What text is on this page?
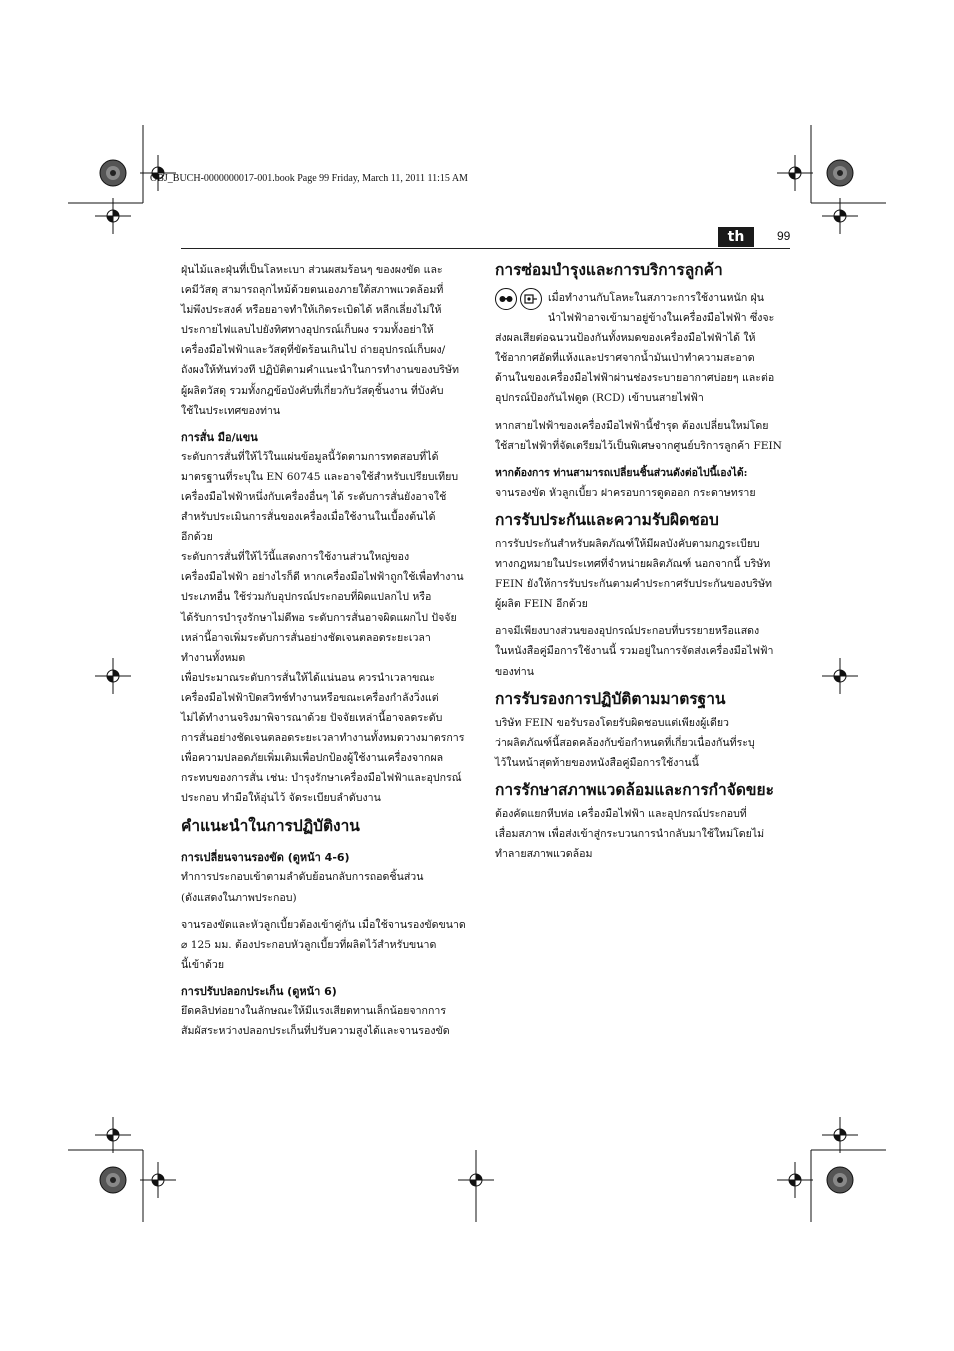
OBJ_BUCH-0000000017-001.book Page 99 Friday, March 11, 2011 11:15 AM
th	99

ฝุ่นไม้และฝุ่นที่เป็นโลหะเบา ส่วนผสมร้อนๆ ของผงขัด และ
เคมีวัสดุ สามารถลุกไหม้ด้วยตนเองภายใต้สภาพแวดล้อมที่
ไม่พึงประสงค์ หรือยอาจทำให้เกิดระเบิดได้ หลีกเลี่ยงไม่ให้
ประกายไฟแลบไปยังทิศทางอุปกรณ์เก็บผง รวมทั้งอย่าให้
เครื่องมือไฟฟ้าและวัสดุที่ขัดร้อนเกินไป ถ่ายอุปกรณ์เก็บผง/
ถังผงให้ทันท่วงที ปฏิบัติตามคำแนะนำในการทำงานของบริษัท
ผู้ผลิตวัสดุ รวมทั้งกฎข้อบังคับที่เกี่ยวกับวัสดุชิ้นงาน ที่บังคับ
ใช้ในประเทศของท่าน

การสั่น มือ/แขน

ระดับการสั่นที่ให้ไว้ในแผ่นข้อมูลนี้วัดตามการทดสอบที่ได้
มาตรฐานที่ระบุใน EN 60745 และอาจใช้สำหรับเปรียบเทียบ
เครื่องมือไฟฟ้าหนึ่งกับเครื่องอื่นๆ ได้ ระดับการสั่นยังอาจใช้
สำหรับประเมินการสั่นของเครื่องเมื่อใช้งานในเบื้องต้นได้
อีกด้วย

ระดับการสั่นที่ให้ไว้นี้แสดงการใช้งานส่วนใหญ่ของ
เครื่องมือไฟฟ้า อย่างไรก็ดี หากเครื่องมือไฟฟ้าถูกใช้เพื่อทำงาน
ประเภทอื่น ใช้ร่วมกับอุปกรณ์ประกอบที่ผิดแปลกไป หรือ
ได้รับการบำรุงรักษาไม่ดีพอ ระดับการสั่นอาจผิดแผกไป ปัจจัย
เหล่านี้อาจเพิ่มระดับการสั่นอย่างชัดเจนตลอดระยะเวลา
ทำงานทั้งหมด

เพื่อประมาณระดับการสั่นให้ได้แน่นอน ควรนำเวลาขณะ
เครื่องมือไฟฟ้าปิดสวิทช์ทำงานหรือขณะเครื่องกำลังวิ่งแต่
ไม่ได้ทำงานจริงมาพิจารณาด้วย ปัจจัยเหล่านี้อาจลดระดับ
การสั่นอย่างชัดเจนตลอดระยะเวลาทำงานทั้งหมดวางมาตรการ
เพื่อความปลอดภัยเพิ่มเติมเพื่อปกป้องผู้ใช้งานเครื่องจากผล
กระทบของการสั่น เช่น: บำรุงรักษาเครื่องมือไฟฟ้าและอุปกรณ์
ประกอบ ทำมือให้อุ่นไว้ จัดระเบียบลำดับงาน

คำแนะนำในการปฏิบัติงาน
การเปลี่ยนจานรองขัด (ดูหน้า 4-6)

ทำการประกอบเข้าตามลำดับย้อนกลับการถอดชิ้นส่วน
(ดังแสดงในภาพประกอบ)

จานรองขัดและหัวลูกเบี้ยวต้องเข้าคู่กัน เมื่อใช้จานรองขัดขนาด
⌀ 125 มม. ต้องประกอบหัวลูกเบี้ยวที่ผลิตไว้สำหรับขนาด
นี้เข้าด้วย

การปรับปลอกประเก็น (ดูหน้า 6)

ยึดคลิปท่อยางในลักษณะให้มีแรงเสียดทานเล็กน้อยจากการ
สัมผัสระหว่างปลอกประเก็นที่ปรับความสูงได้และจานรองขัด

การซ่อมบำรุงและการบริการลูกค้า

เมื่อทำงานกับโลหะในสภาวะการใช้งานหนัก ฝุ่น
นำไฟฟ้าอาจเข้ามาอยู่ข้างในเครื่องมือไฟฟ้า ซึ่งจะ
ส่งผลเสียต่อฉนวนป้องกันทั้งหมดของเครื่องมือไฟฟ้าได้ ให้
ใช้อากาศอัดที่แห้งและปราศจากน้ำมันเป่าทำความสะอาด
ด้านในของเครื่องมือไฟฟ้าผ่านช่องระบายอากาศบ่อยๆ และต่อ
อุปกรณ์ป้องกันไฟดูด (RCD) เข้าบนสายไฟฟ้า

หากสายไฟฟ้าของเครื่องมือไฟฟ้านี้ชำรุด ต้องเปลี่ยนใหม่โดย
ใช้สายไฟฟ้าที่จัดเตรียมไว้เป็นพิเศษจากศูนย์บริการลูกค้า FEIN

หากต้องการ ท่านสามารถเปลี่ยนชิ้นส่วนดังต่อไปนี้เองได้:

จานรองขัด หัวลูกเบี้ยว ฝาครอบการดูดออก กระดาษทราย

การรับประกันและความรับผิดชอบ

การรับประกันสำหรับผลิตภัณฑ์ให้มีผลบังคับตามกฎระเบียบ
ทางกฎหมายในประเทศที่จำหน่ายผลิตภัณฑ์ นอกจากนี้ บริษัท
FEIN ยังให้การรับประกันตามคำประกาศรับประกันของบริษัท
ผู้ผลิต FEIN อีกด้วย

อาจมีเพียงบางส่วนของอุปกรณ์ประกอบที่บรรยายหรือแสดง
ในหนังสือคู่มือการใช้งานนี้ รวมอยู่ในการจัดส่งเครื่องมือไฟฟ้า
ของท่าน

การรับรองการปฏิบัติตามมาตรฐาน

บริษัท FEIN ขอรับรองโดยรับผิดชอบแต่เพียงผู้เดียว
ว่าผลิตภัณฑ์นี้สอดคล้องกับข้อกำหนดที่เกี่ยวเนื่องกันที่ระบุ
ไว้ในหน้าสุดท้ายของหนังสือคู่มือการใช้งานนี้

การรักษาสภาพแวดล้อมและการกำจัดขยะ

ต้องคัดแยกหีบห่อ เครื่องมือไฟฟ้า และอุปกรณ์ประกอบที่
เสื่อมสภาพ เพื่อส่งเข้าสู่กระบวนการนำกลับมาใช้ใหม่โดยไม่
ทำลายสภาพแวดล้อม
